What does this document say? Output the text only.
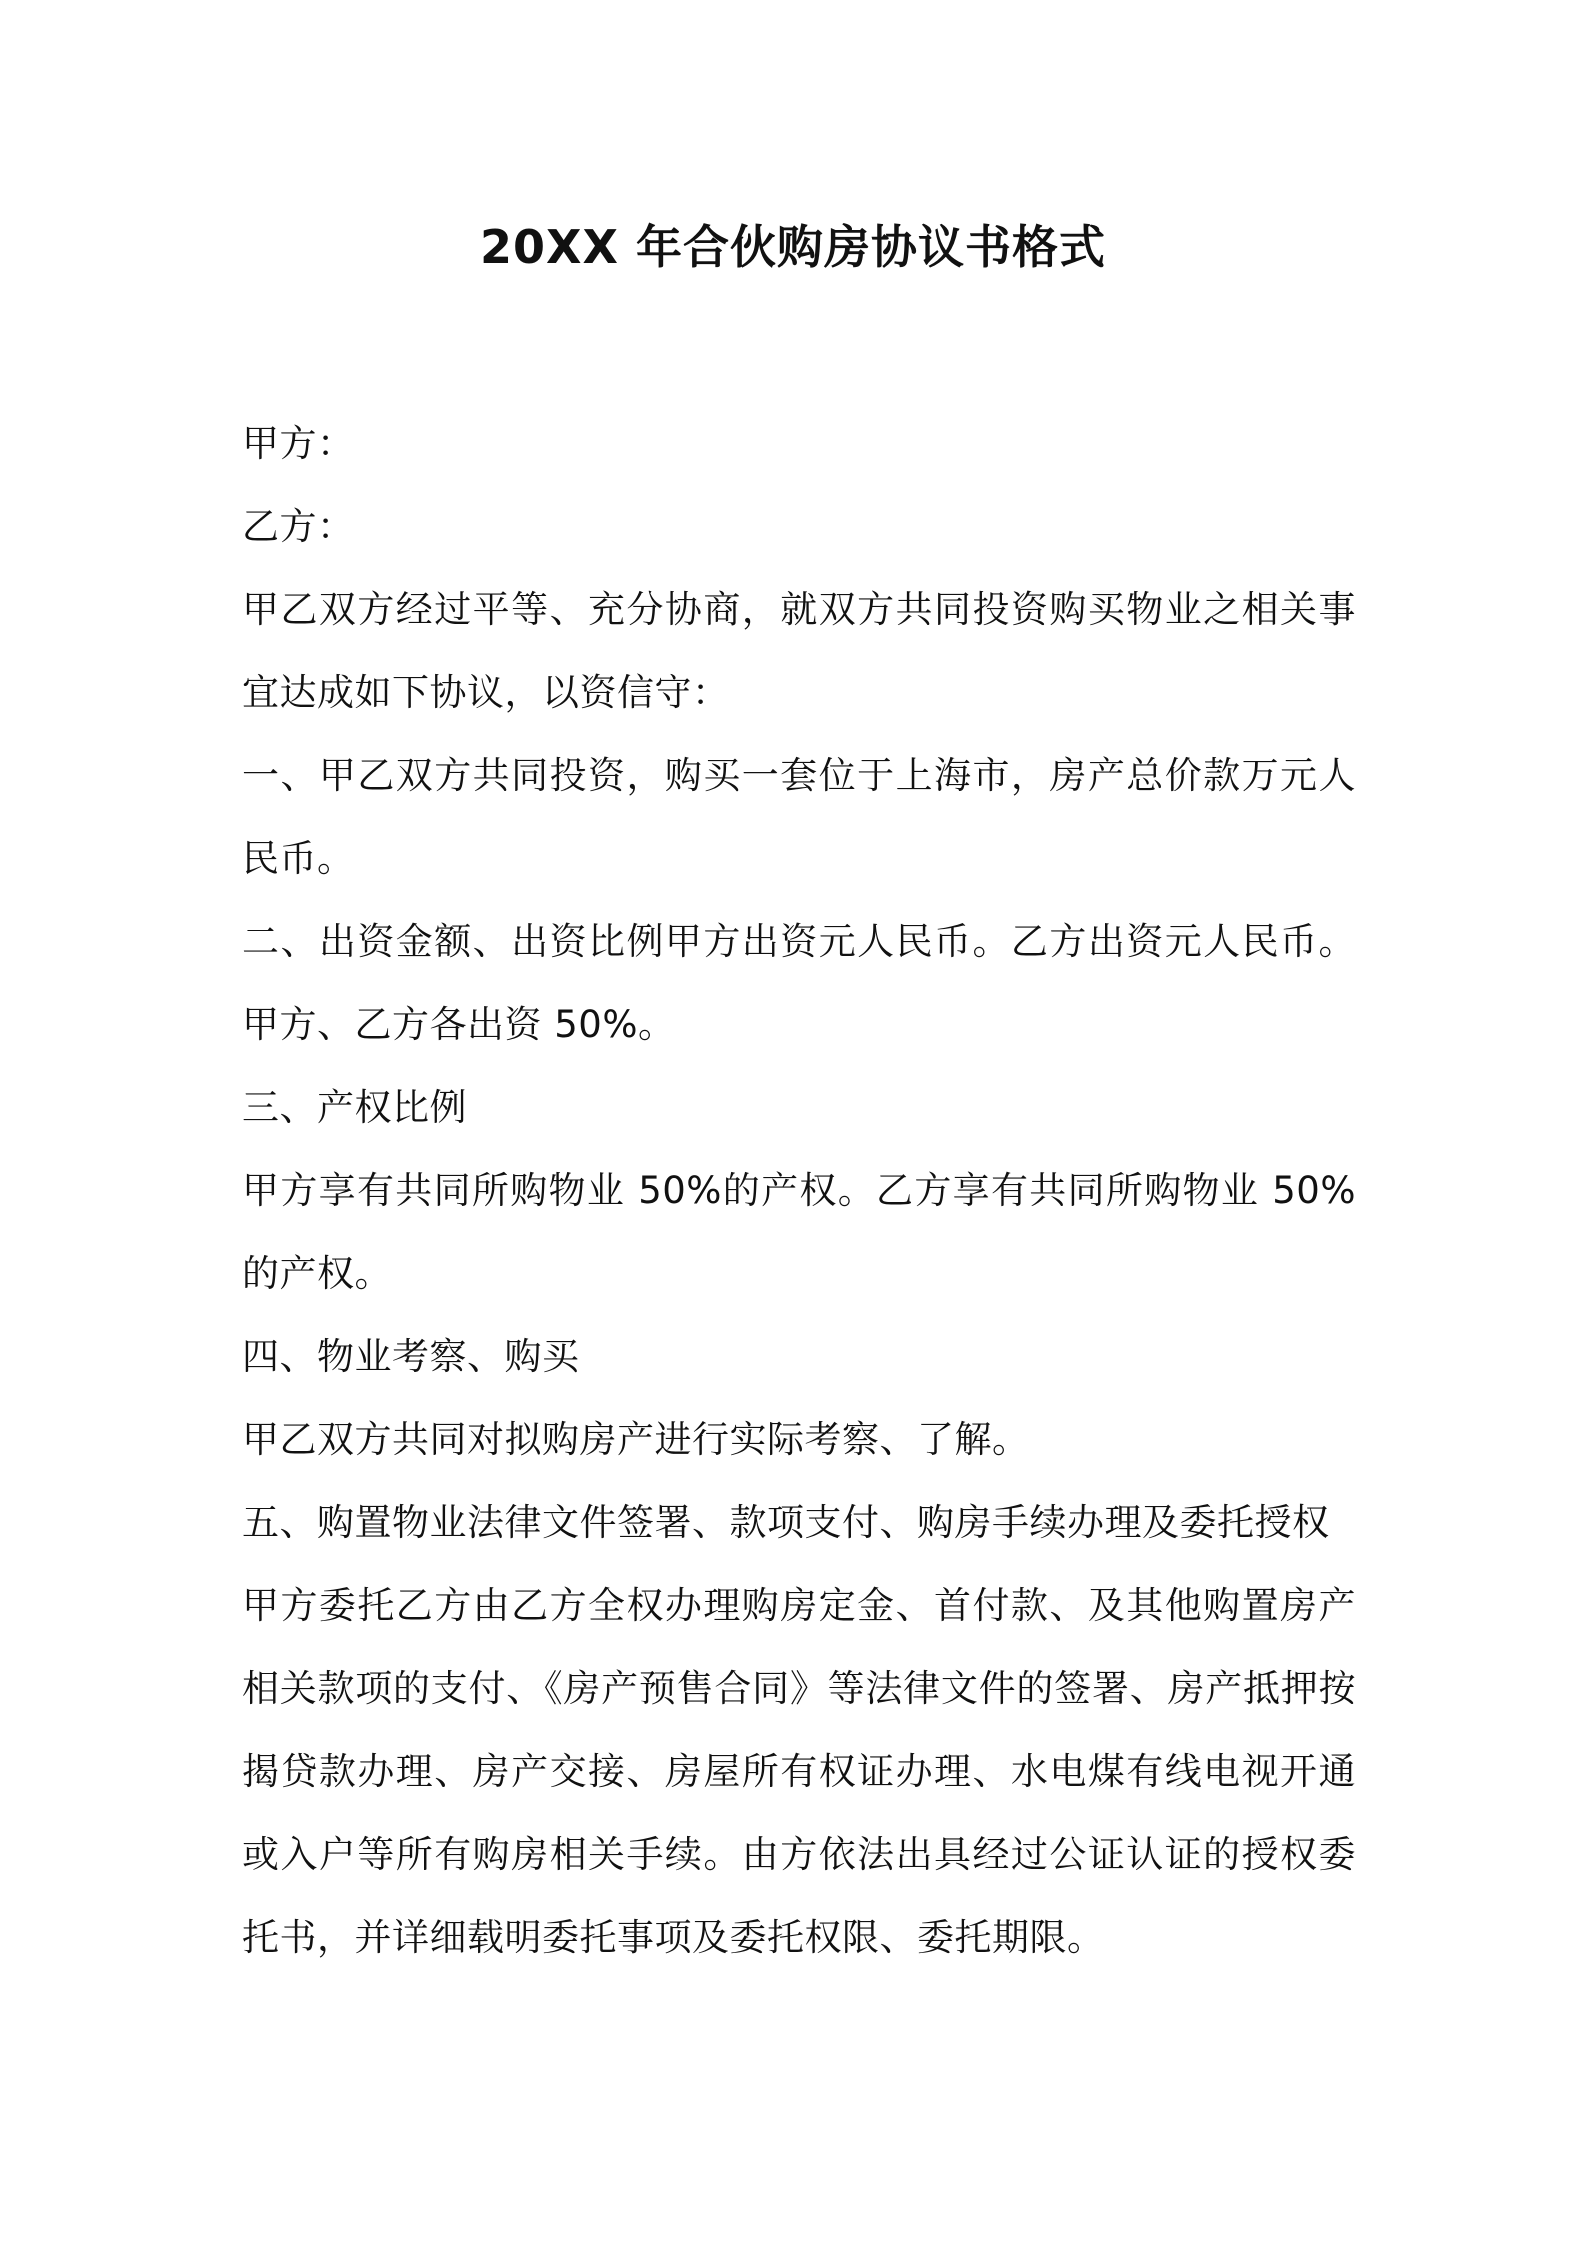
20XX 年合伙购房协议书格式

甲方：

乙方：

甲乙双方经过平等、充分协商，就双方共同投资购买物业之相关事宜达成如下协议，以资信守：

一、甲乙双方共同投资，购买一套位于上海市，房产总价款万元人民币。

二、出资金额、出资比例甲方出资元人民币。乙方出资元人民币。甲方、乙方各出资 50%。

三、产权比例

甲方享有共同所购物业 50%的产权。乙方享有共同所购物业 50%的产权。

四、物业考察、购买

甲乙双方共同对拟购房产进行实际考察、了解。

五、购置物业法律文件签署、款项支付、购房手续办理及委托授权

甲方委托乙方由乙方全权办理购房定金、首付款、及其他购置房产相关款项的支付、《房产预售合同》等法律文件的签署、房产抵押按揭贷款办理、房产交接、房屋所有权证办理、水电煤有线电视开通或入户等所有购房相关手续。由方依法出具经过公证认证的授权委托书，并详细载明委托事项及委托权限、委托期限。
